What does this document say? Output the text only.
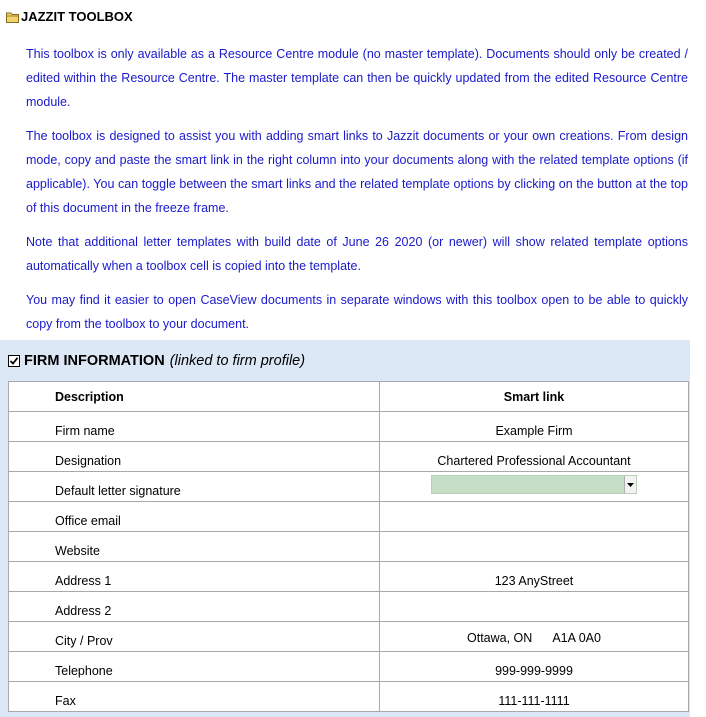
JAZZIT TOOLBOX

This toolbox is only available as a Resource Centre module (no master template). Documents should only be created / edited within the Resource Centre. The master template can then be quickly updated from the edited Resource Centre module.

The toolbox is designed to assist you with adding smart links to Jazzit documents or your own creations. From design mode, copy and paste the smart link in the right column into your documents along with the related template options (if applicable). You can toggle between the smart links and the related template options by clicking on the button at the top of this document in the freeze frame.

Note that additional letter templates with build date of June 26 2020 (or newer) will show related template options automatically when a toolbox cell is copied into the template.

You may find it easier to open CaseView documents in separate windows with this toolbox open to be able to quickly copy from the toolbox to your document.

FIRM INFORMATION (linked to firm profile)
Description	Smart link
Firm name	Example Firm
Designation	Chartered Professional Accountant
Default letter signature	

Office email	
Website	
Address 1	123 AnyStreet
Address 2	
City / Prov	Ottawa, ON A1A 0A0
Telephone	999-999-9999
Fax	111-111-1111
